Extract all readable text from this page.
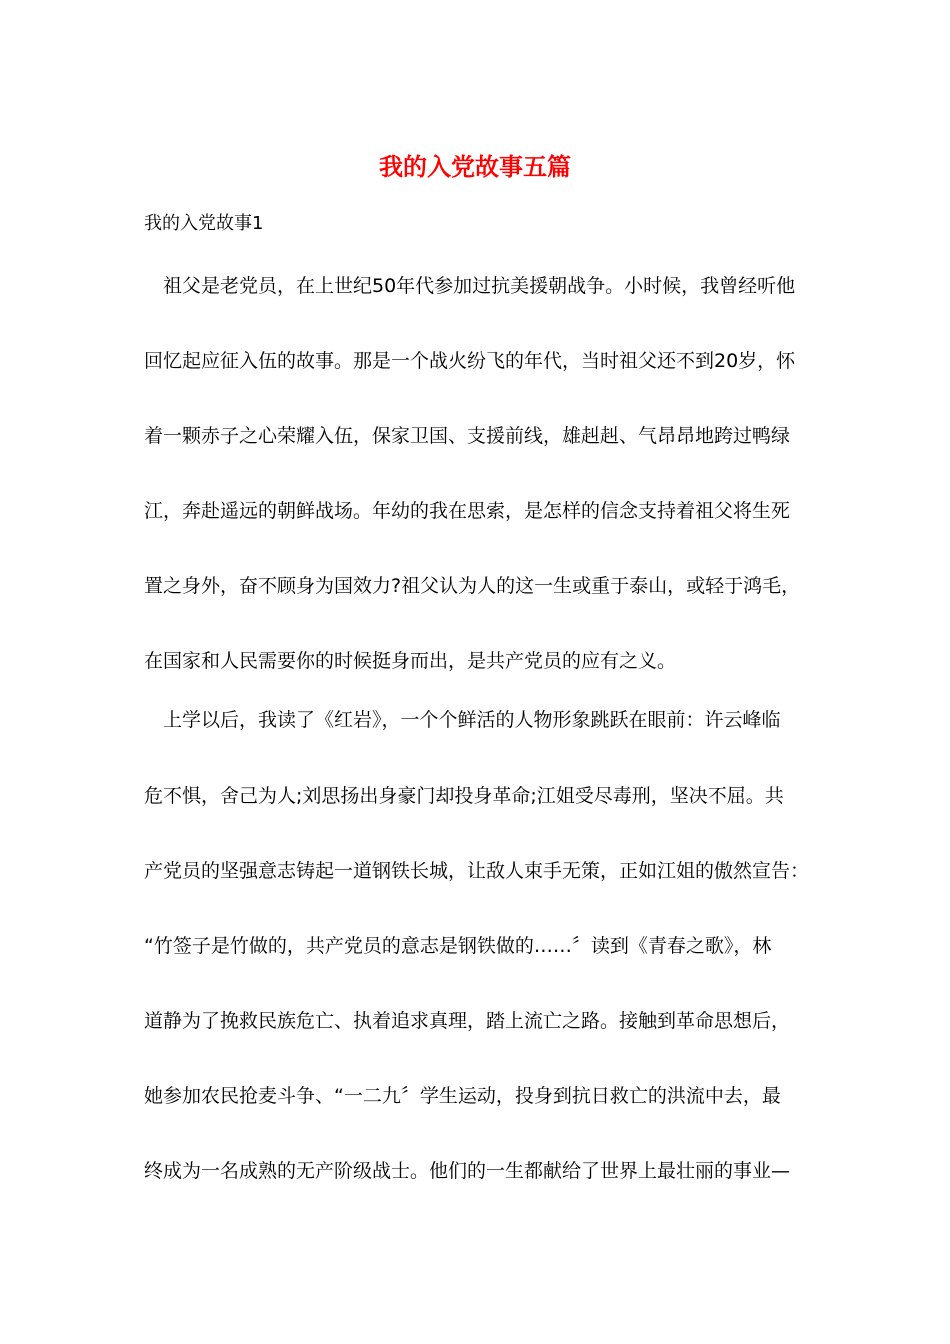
我的入党故事五篇

我的入党故事1

　祖父是老党员，在上世纪50年代参加过抗美援朝战争。小时候，我曾经听他

回忆起应征入伍的故事。那是一个战火纷飞的年代，当时祖父还不到20岁，怀

着一颗赤子之心荣耀入伍，保家卫国、支援前线，雄赳赳、气昂昂地跨过鸭绿

江，奔赴遥远的朝鲜战场。年幼的我在思索，是怎样的信念支持着祖父将生死

置之身外，奋不顾身为国效力?祖父认为人的这一生或重于泰山，或轻于鸿毛，

在国家和人民需要你的时候挺身而出，是共产党员的应有之义。

　上学以后，我读了《红岩》，一个个鲜活的人物形象跳跃在眼前：许云峰临

危不惧，舍己为人;刘思扬出身豪门却投身革命;江姐受尽毒刑，坚决不屈。共

产党员的坚强意志铸起一道钢铁长城，让敌人束手无策，正如江姐的傲然宣告：

“竹签子是竹做的，共产党员的意志是钢铁做的……〞读到《青春之歌》，林

道静为了挽救民族危亡、执着追求真理，踏上流亡之路。接触到革命思想后，

她参加农民抢麦斗争、“一二九〞学生运动，投身到抗日救亡的洪流中去，最

终成为一名成熟的无产阶级战士。他们的一生都献给了世界上最壮丽的事业—
